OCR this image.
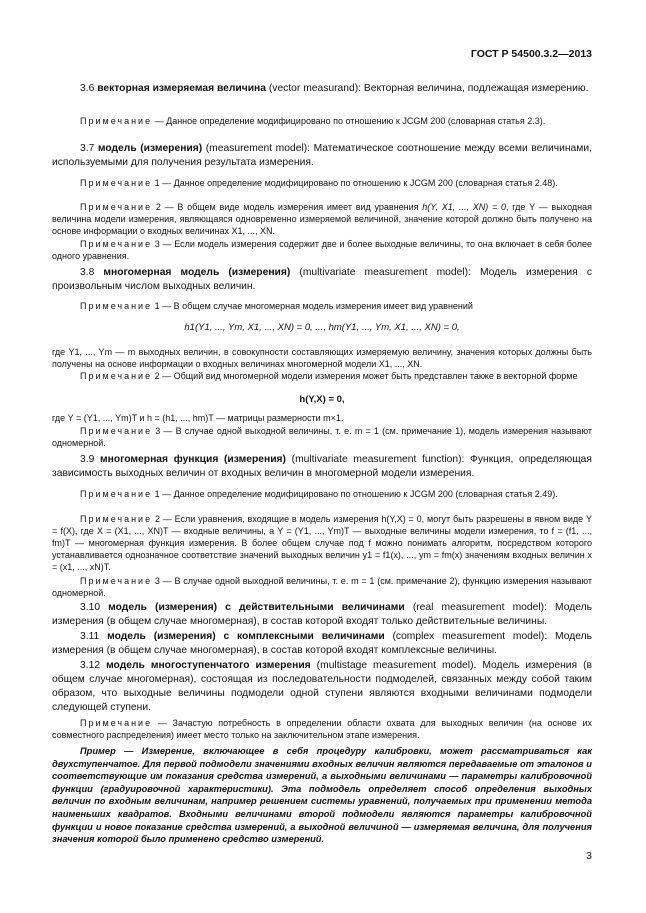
ГОСТ Р 54500.3.2—2013
3.6 векторная измеряемая величина (vector measurand): Векторная величина, подлежащая измерению.
Примечание — Данное определение модифицировано по отношению к JCGM 200 (словарная статья 2.3).
3.7 модель (измерения) (measurement model): Математическое соотношение между всеми величинами, используемыми для получения результата измерения.
Примечание 1 — Данное определение модифицировано по отношению к JCGM 200 (словарная статья 2.48).
Примечание 2 — В общем виде модель измерения имеет вид уравнения h(Y, X1, ..., XN) = 0, где Y — выходная величина модели измерения, являющаяся одновременно измеряемой величиной, значение которой должно быть получено на основе информации о входных величинах X1, ..., XN.
Примечание 3 — Если модель измерения содержит две и более выходные величины, то она включает в себя более одного уравнения.
3.8 многомерная модель (измерения) (multivariate measurement model): Модель измерения с произвольным числом выходных величин.
Примечание 1 — В общем случае многомерная модель измерения имеет вид уравнений
h1(Y1, ..., Ym, X1, ..., XN) = 0, ..., hm(Y1, ..., Ym, X1, ..., XN) = 0,
где Y1, ..., Ym — m выходных величин, в совокупности составляющих измеряемую величину, значения которых должны быть получены на основе информации о входных величинах многомерной модели X1, ..., XN.
Примечание 2 — Общий вид многомерной модели измерения может быть представлен также в векторной форме
h(Y,X) = 0,
где Y = (Y1, ..., Ym)T и h = (h1, ..., hm)T — матрицы размерности m×1.
Примечание 3 — В случае одной выходной величины, т. е. m = 1 (см. примечание 1), модель измерения называют одномерной.
3.9 многомерная функция (измерения) (multivariate measurement function): Функция, определяющая зависимость выходных величин от входных величин в многомерной модели измерения.
Примечание 1 — Данное определение модифицировано по отношению к JCGM 200 (словарная статья 2.49).
Примечание 2 — Если уравнения, входящие в модель измерения h(Y,X) = 0, могут быть разрешены в явном виде Y = f(X), где X = (X1, ..., XN)T — входные величины, а Y = (Y1, ..., Ym)T — выходные величины модели измерения, то f = (f1, ..., fm)T — многомерная функция измерения. В более общем случае под f можно понимать алгоритм, посредством которого устанавливается однозначное соответствие значений выходных величин y1 = f1(x), ..., ym = fm(x) значениям входных величин x = (x1, ..., xN)T.
Примечание 3 — В случае одной выходной величины, т. е. m = 1 (см. примечание 2), функцию измерения называют одномерной.
3.10 модель (измерения) с действительными величинами (real measurement model): Модель измерения (в общем случае многомерная), в состав которой входят только действительные величины.
3.11 модель (измерения) с комплексными величинами (complex measurement model): Модель измерения (в общем случае многомерная), в состав которой входят комплексные величины.
3.12 модель многоступенчатого измерения (multistage measurement model). Модель измерения (в общем случае многомерная), состоящая из последовательности подмоделей, связанных между собой таким образом, что выходные величины подмодели одной ступени являются входными величинами подмодели следующей ступени.
Примечание — Зачастую потребность в определении области охвата для выходных величин (на основе их совместного распределения) имеет место только на заключительном этапе измерения.
Пример — Измерение, включающее в себя процедуру калибровки, может рассматриваться как двухступенчатое. Для первой подмодели значениями входных величин являются передаваемые от эталонов и соответствующие им показания средства измерений, а выходными величинами — параметры калибровочной функции (градуировочной характеристики). Эта подмодель определяет способ определения выходных величин по входным величинам, например решением системы уравнений, получаемых при применении метода наименьших квадратов. Входными величинами второй подмодели являются параметры калибровочной функции и новое показание средства измерений, а выходной величиной — измеряемая величина, для получения значения которой было применено средство измерений.
3
